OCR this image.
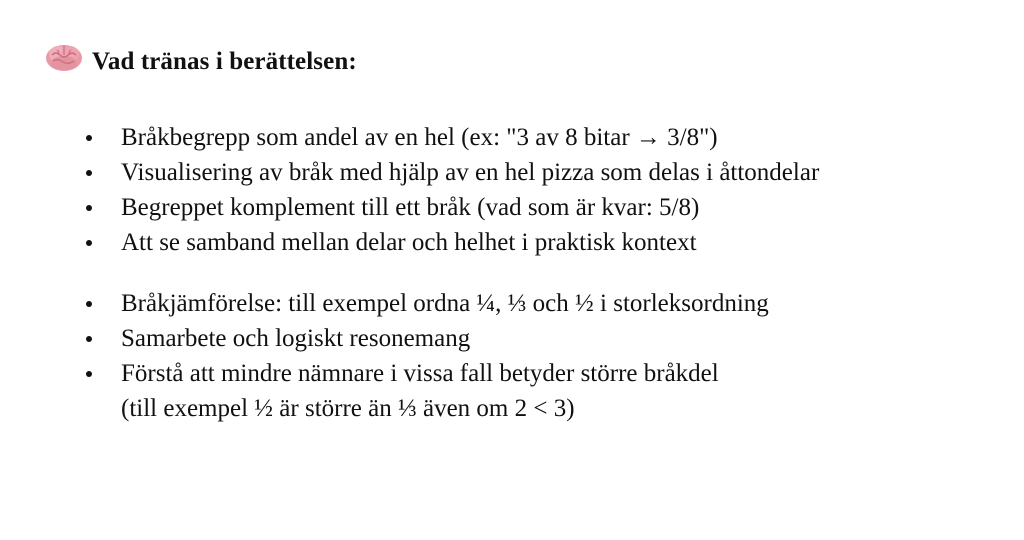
Vad tränas i berättelsen:
Bråkbegrepp som andel av en hel (ex: "3 av 8 bitar → 3/8")
Visualisering av bråk med hjälp av en hel pizza som delas i åttondelar
Begreppet komplement till ett bråk (vad som är kvar: 5/8)
Att se samband mellan delar och helhet i praktisk kontext
Bråkjämförelse: till exempel ordna ¼, ⅓ och ½ i storleksordning
Samarbete och logiskt resonemang
Förstå att mindre nämnare i vissa fall betyder större bråkdel
(till exempel ½ är större än ⅓ även om 2 < 3)
